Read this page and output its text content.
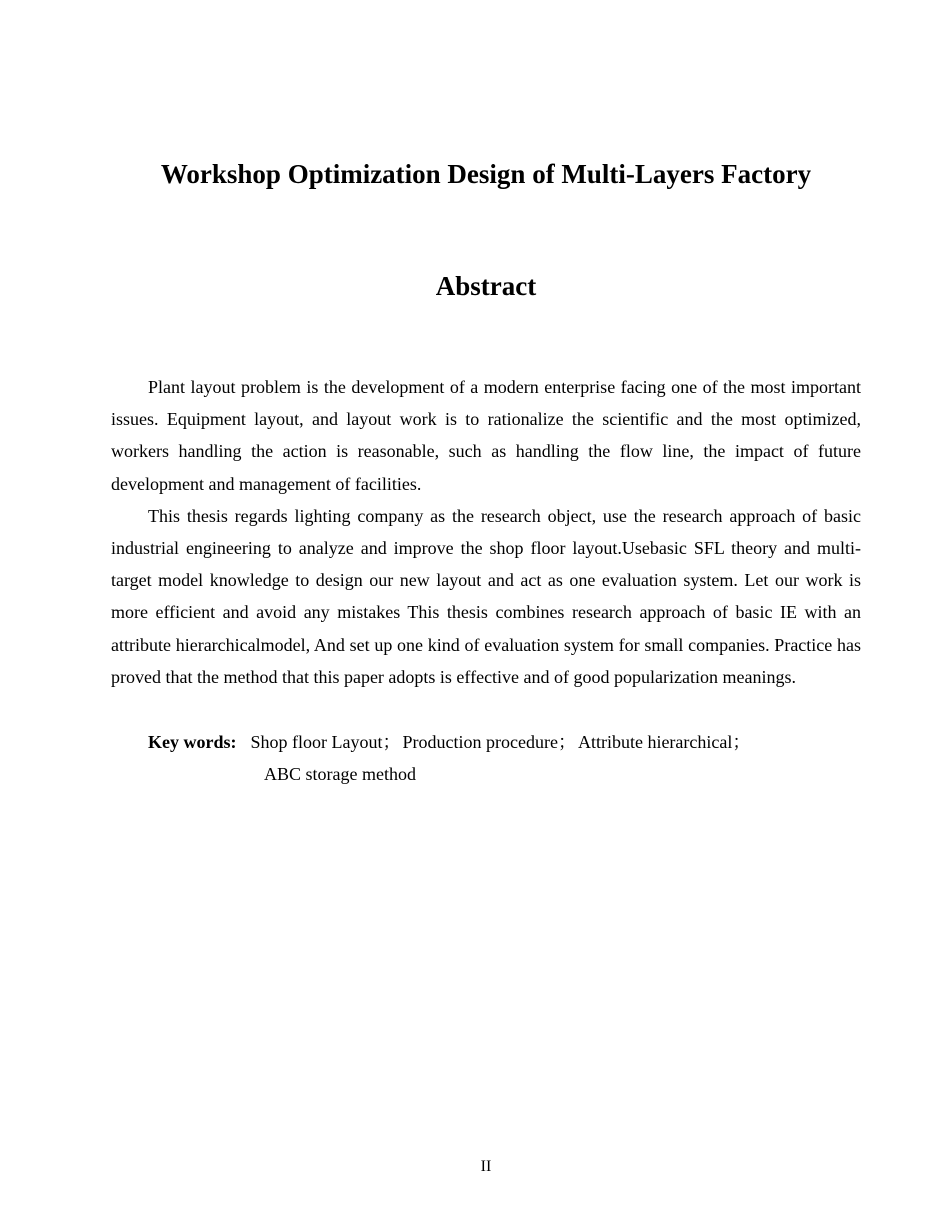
Workshop Optimization Design of Multi-Layers Factory
Abstract

Plant layout problem is the development of a modern enterprise facing one of the most important issues. Equipment layout, and layout work is to rationalize the scientific and the most optimized, workers handling the action is reasonable, such as handling the flow line, the impact of future development and management of facilities.

This thesis regards lighting company as the research object, use the research approach of basic industrial engineering to analyze and improve the shop floor layout.Usebasic SFL theory and multi-target model knowledge to design our new layout and act as one evaluation system. Let our work is more efficient and avoid any mistakes This thesis combines research approach of basic IE with an attribute hierarchicalmodel, And set up one kind of evaluation system for small companies. Practice has proved that the method that this paper adopts is effective and of good popularization meanings.

Key words: Shop floor Layout； Production procedure； Attribute hierarchical；
ABC storage method
II
